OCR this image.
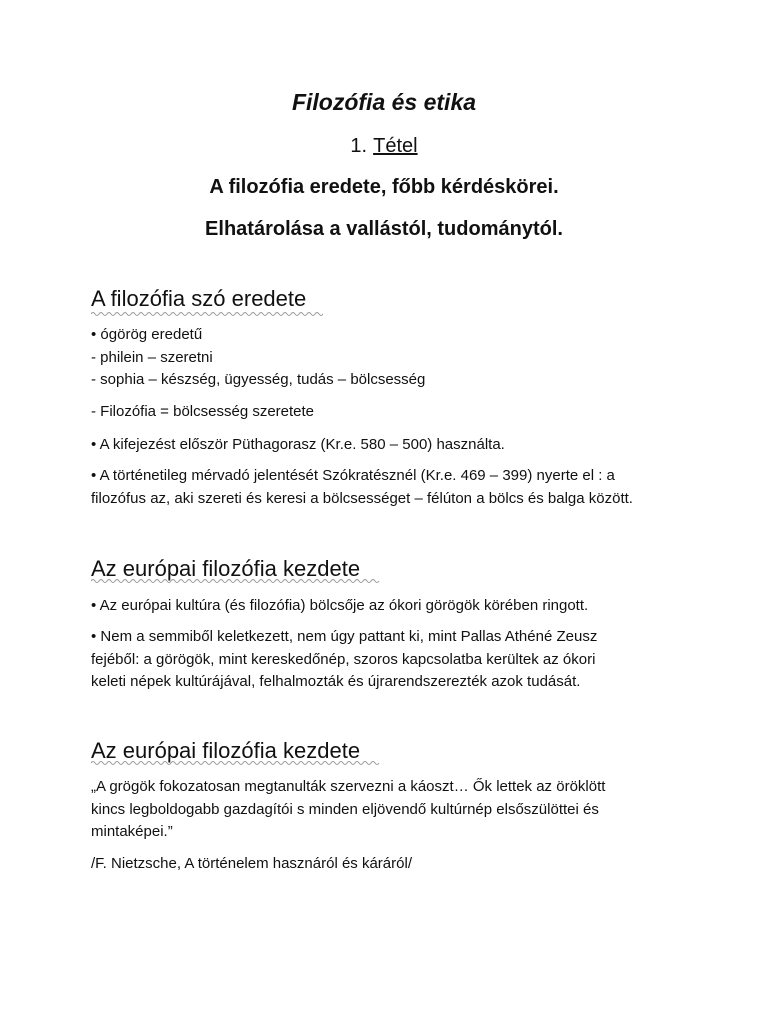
Filozófia és etika
1. Tétel
A filozófia eredete, főbb kérdéskörei.
Elhatárolása a vallástól, tudománytól.
A filozófia szó eredete
• ógörög eredetű
- philein – szeretni
- sophia – készség, ügyesség, tudás – bölcsesség
- Filozófia = bölcsesség szeretete
• A kifejezést először Püthagorasz (Kr.e. 580 – 500) használta.
• A történetileg mérvadó jelentését Szókratésznél (Kr.e. 469 – 399) nyerte el : a
filozófus az, aki szereti és keresi a bölcsességet – félúton a bölcs és balga között.
Az európai filozófia kezdete
• Az európai kultúra (és filozófia) bölcsője az ókori görögök körében ringott.
• Nem a semmiből keletkezett, nem úgy pattant ki, mint Pallas Athéné Zeusz
fejéből: a görögök, mint kereskedőnép, szoros kapcsolatba kerültek az ókori
keleti népek kultúrájával, felhalmozták és újrarendszerezték azok tudását.
Az európai filozófia kezdete
„A grögök fokozatosan megtanulták szervezni a káoszt… Ők lettek az öröklött
kincs legboldogabb gazdagítói s minden eljövendő kultúrnép elsőszülöttei és
mintaképei.”
/F. Nietzsche, A történelem hasznáról és káráról/
